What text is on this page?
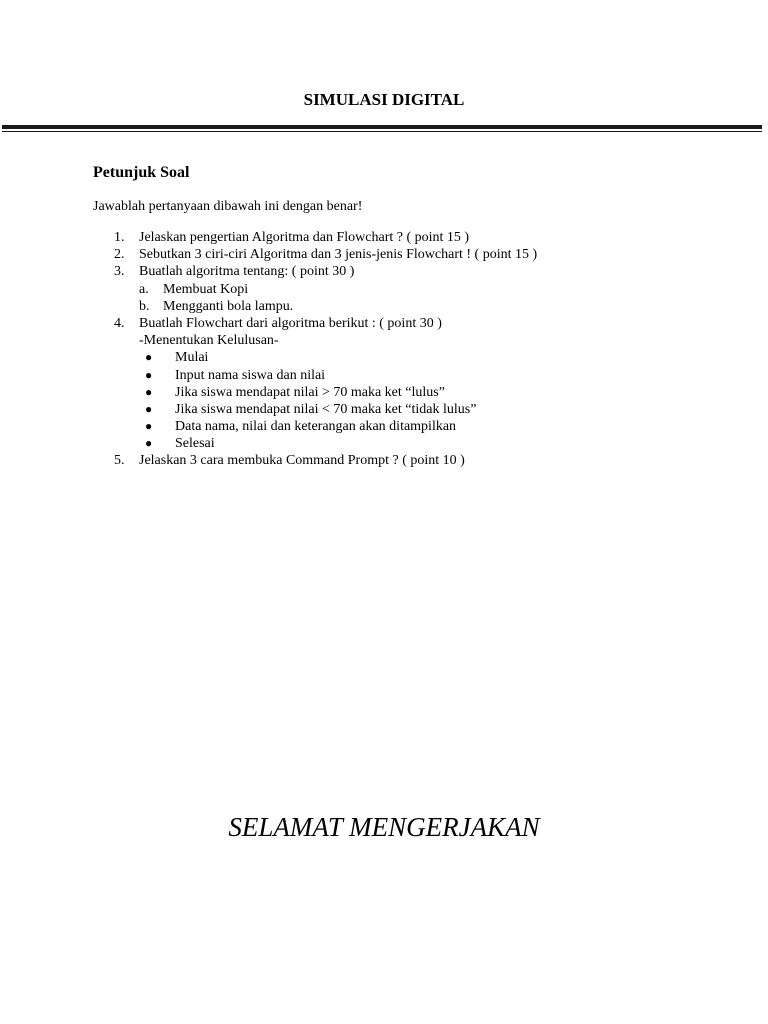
SIMULASI DIGITAL
Petunjuk Soal

Jawablah pertanyaan dibawah ini dengan benar!

1. Jelaskan pengertian Algoritma dan Flowchart ? ( point 15 )
2. Sebutkan 3 ciri-ciri Algoritma dan 3 jenis-jenis Flowchart ! ( point 15 )
3. Buatlah algoritma tentang: ( point 30 )
a. Membuat Kopi
b. Mengganti bola lampu.
4. Buatlah Flowchart dari algoritma berikut : ( point 30 )
-Menentukan Kelulusan-
● Mulai
● Input nama siswa dan nilai
● Jika siswa mendapat nilai > 70 maka ket “lulus”
● Jika siswa mendapat nilai < 70 maka ket “tidak lulus”
● Data nama, nilai dan keterangan akan ditampilkan
● Selesai
5. Jelaskan 3 cara membuka Command Prompt ? ( point 10 )

SELAMAT MENGERJAKAN
